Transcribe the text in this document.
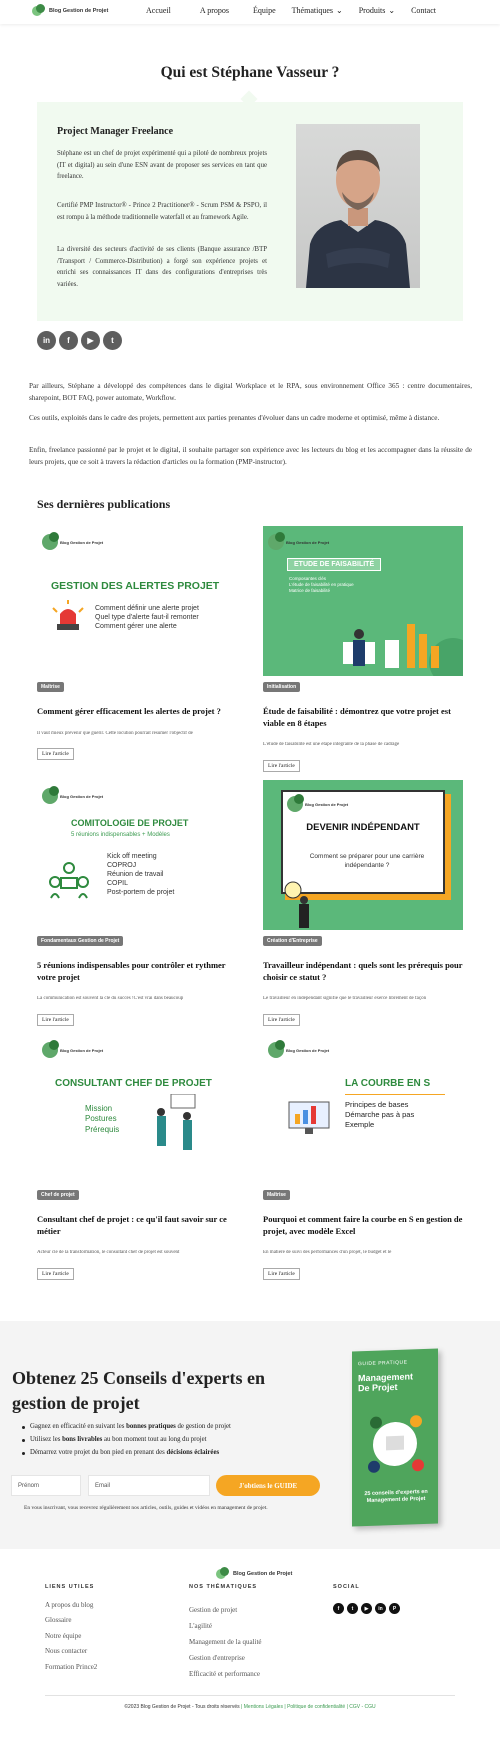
Blog Gestion de Projet	Accueil	A propos	Équipe Thématiques ⌄ Produits ⌄ Contact
Qui est Stéphane Vasseur ?
Project Manager Freelance
Stéphane est un chef de projet expérimenté qui a piloté de nombreux projets (IT et digital) au sein d'une ESN avant de proposer ses services en tant que freelance.
Certifié PMP Instructor® - Prince 2 Practitioner® - Scrum PSM & PSPO, il est rompu à la méthode traditionnelle waterfall et au framework Agile.
La diversité des secteurs d'activité de ses clients (Banque assurance /BTP /Transport / Commerce-Distribution) a forgé son expérience projets et enrichi ses connaissances IT dans des configurations d'entreprises très variées.
in	f	▶	t
Par ailleurs, Stéphane a développé des compétences dans le digital Workplace et le RPA, sous environnement Office 365 : centre documentaires, sharepoint, BOT FAQ, power automate, Workflow.
Ces outils, exploités dans le cadre des projets, permettent aux parties prenantes d'évoluer dans un cadre moderne et optimisé, même à distance.
Enfin, freelance passionné par le projet et le digital, il souhaite partager son expérience avec les lecteurs du blog et les accompagner dans la réussite de leurs projets, que ce soit à travers la rédaction d'articles ou la formation (PMP-instructor).
Ses dernières publications
Blog Gestion de Projet
GESTION DES ALERTES PROJET
Comment définir une alerte projet
Quel type d'alerte faut-il remonter
Comment gérer une alerte
Maîtrise
Comment gérer efficacement les alertes de projet ?
Il vaut mieux prévenir que guérir. Cette locution pourrait résumer l'objectif de
Lire l'article
Blog Gestion de Projet
ETUDE DE FAISABILITÉ
Composantes clés
L'étude de faisabilité en pratique
Matrice de faisabilité
Initialisation
Étude de faisabilité : démontrez que votre projet est viable en 8 étapes
L'étude de faisabilité est une étape intégrante de la phase de cadrage
Lire l'article
Blog Gestion de Projet
COMITOLOGIE DE PROJET
5 réunions indispensables + Modèles
Kick off meeting
COPROJ
Réunion de travail
COPIL
Post-portem de projet
Fondamentaux Gestion de Projet
5 réunions indispensables pour contrôler et rythmer votre projet
La communication est souvent la clé du succès !C'est vrai dans beaucoup
Lire l'article
Blog Gestion de Projet
DEVENIR INDÉPENDANT
Comment se préparer pour une carrière indépendante ?
Création d'Entreprise
Travailleur indépendant : quels sont les prérequis pour choisir ce statut ?
Le travailleur en indépendant signifie que le travailleur exerce librement de façon
Lire l'article
Blog Gestion de Projet
CONSULTANT CHEF DE PROJET
Mission
Postures
Prérequis
Chef de projet
Consultant chef de projet : ce qu'il faut savoir sur ce métier
Acteur clé de la transformation, le consultant chef de projet est souvent
Lire l'article
Blog Gestion de Projet
LA COURBE EN S
Principes de bases
Démarche pas à pas
Exemple
Maîtrise
Pourquoi et comment faire la courbe en S en gestion de projet, avec modèle Excel
En matière de suivi des performances d'un projet, le budget et le
Lire l'article
Obtenez 25 Conseils d'experts en gestion de projet
Gagnez en efficacité en suivant les bonnes pratiques de gestion de projet
Utilisez les bons livrables au bon moment tout au long du projet
Démarrez votre projet du bon pied en prenant des décisions éclairées
Prénom	Email	J'obtiens le GUIDE
En vous inscrivant, vous recevrez régulièrement nos articles, outils, guides et vidéos en management de projet.
GUIDE PRATIQUE
Management De Projet
25 conseils d'experts en Management de Projet
Blog Gestion de Projet
LIENS UTILES
A propos du blog
Glossaire
Notre équipe
Nous contacter
Formation Prince2
NOS THÉMATIQUES
Gestion de projet
L'agilité
Management de la qualité
Gestion d'entreprise
Efficacité et performance
SOCIAL
f	t	▶	in	P
©2023 Blog Gestion de Projet - Tous droits réservés | Mentions Légales | Politique de confidentialité | CGV - CGU
